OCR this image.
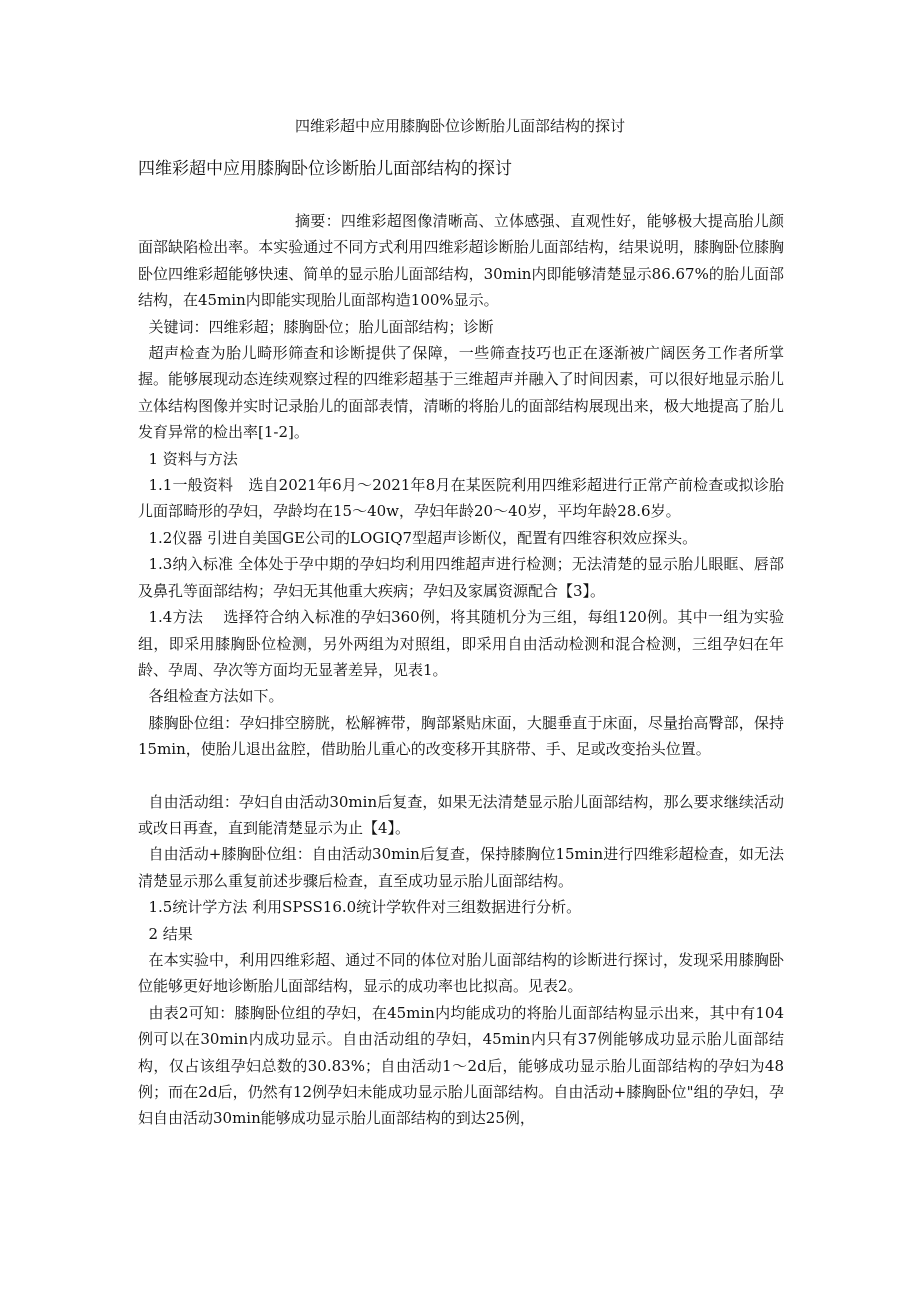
四维彩超中应用膝胸卧位诊断胎儿面部结构的探讨
四维彩超中应用膝胸卧位诊断胎儿面部结构的探讨

摘要：四维彩超图像清晰高、立体感强、直观性好，能够极大提高胎儿颜面部缺陷检出率。本实验通过不同方式利用四维彩超诊断胎儿面部结构，结果说明，膝胸卧位膝胸卧位四维彩超能够快速、简单的显示胎儿面部结构，30min内即能够清楚显示86.67%的胎儿面部结构，在45min内即能实现胎儿面部构造100%显示。

关键词：四维彩超；膝胸卧位；胎儿面部结构；诊断

超声检查为胎儿畸形筛查和诊断提供了保障，一些筛查技巧也正在逐渐被广阔医务工作者所掌握。能够展现动态连续观察过程的四维彩超基于三维超声并融入了时间因素，可以很好地显示胎儿立体结构图像并实时记录胎儿的面部表情，清晰的将胎儿的面部结构展现出来，极大地提高了胎儿发育异常的检出率[1-2]。

1 资料与方法

1.1一般资料　选自2021年6月～2021年8月在某医院利用四维彩超进行正常产前检查或拟诊胎儿面部畸形的孕妇，孕龄均在15～40w，孕妇年龄20～40岁，平均年龄28.6岁。

1.2仪器 引进自美国GE公司的LOGIQ7型超声诊断仪，配置有四维容积效应探头。

1.3纳入标准 全体处于孕中期的孕妇均利用四维超声进行检测；无法清楚的显示胎儿眼眶、唇部及鼻孔等面部结构；孕妇无其他重大疾病；孕妇及家属资源配合【3】。

1.4方法　 选择符合纳入标准的孕妇360例，将其随机分为三组，每组120例。其中一组为实验组，即采用膝胸卧位检测，另外两组为对照组，即采用自由活动检测和混合检测，三组孕妇在年龄、孕周、孕次等方面均无显著差异，见表1。

各组检查方法如下。

膝胸卧位组：孕妇排空膀胱，松解裤带，胸部紧贴床面，大腿垂直于床面，尽量抬高臀部，保持15min，使胎儿退出盆腔，借助胎儿重心的改变移开其脐带、手、足或改变抬头位置。

自由活动组：孕妇自由活动30min后复查，如果无法清楚显示胎儿面部结构，那么要求继续活动或改日再查，直到能清楚显示为止【4】。

自由活动+膝胸卧位组：自由活动30min后复查，保持膝胸位15min进行四维彩超检查，如无法清楚显示那么重复前述步骤后检查，直至成功显示胎儿面部结构。

1.5统计学方法 利用SPSS16.0统计学软件对三组数据进行分析。

2 结果

在本实验中，利用四维彩超、通过不同的体位对胎儿面部结构的诊断进行探讨，发现采用膝胸卧位能够更好地诊断胎儿面部结构，显示的成功率也比拟高。见表2。

由表2可知：膝胸卧位组的孕妇，在45min内均能成功的将胎儿面部结构显示出来，其中有104例可以在30min内成功显示。自由活动组的孕妇，45min内只有37例能够成功显示胎儿面部结构，仅占该组孕妇总数的30.83%；自由活动1～2d后，能够成功显示胎儿面部结构的孕妇为48例；而在2d后，仍然有12例孕妇未能成功显示胎儿面部结构。自由活动+膝胸卧位"组的孕妇，孕妇自由活动30min能够成功显示胎儿面部结构的到达25例，
